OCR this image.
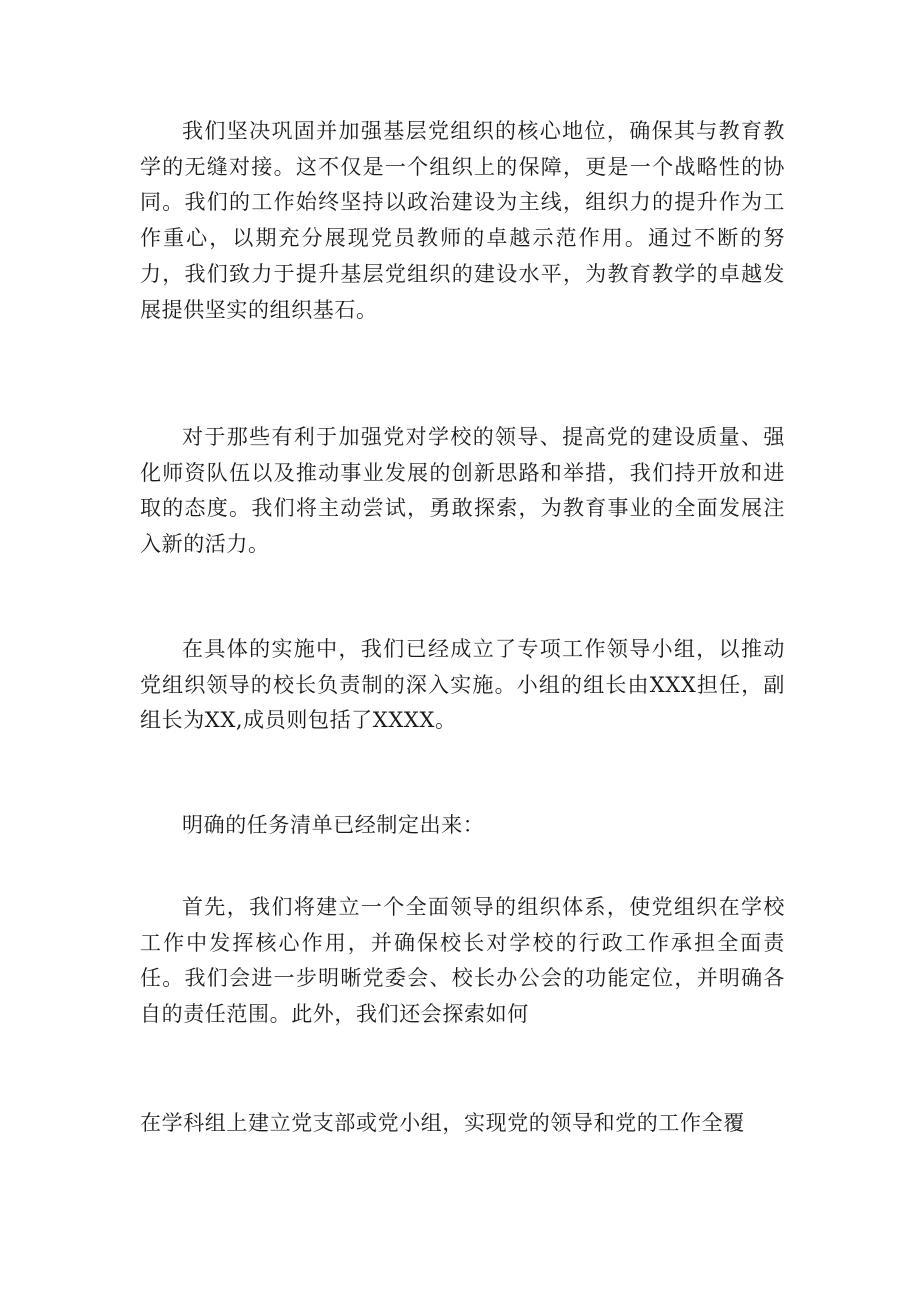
我们坚决巩固并加强基层党组织的核心地位，确保其与教育教学的无缝对接。这不仅是一个组织上的保障，更是一个战略性的协同。我们的工作始终坚持以政治建设为主线，组织力的提升作为工作重心，以期充分展现党员教师的卓越示范作用。通过不断的努力，我们致力于提升基层党组织的建设水平，为教育教学的卓越发展提供坚实的组织基石。

对于那些有利于加强党对学校的领导、提高党的建设质量、强化师资队伍以及推动事业发展的创新思路和举措，我们持开放和进取的态度。我们将主动尝试，勇敢探索，为教育事业的全面发展注入新的活力。

在具体的实施中，我们已经成立了专项工作领导小组，以推动党组织领导的校长负责制的深入实施。小组的组长由XXX担任，副组长为XX,成员则包括了XXXX。

明确的任务清单已经制定出来：

首先，我们将建立一个全面领导的组织体系，使党组织在学校工作中发挥核心作用，并确保校长对学校的行政工作承担全面责任。我们会进一步明晰党委会、校长办公会的功能定位，并明确各自的责任范围。此外，我们还会探索如何

在学科组上建立党支部或党小组，实现党的领导和党的工作全覆
